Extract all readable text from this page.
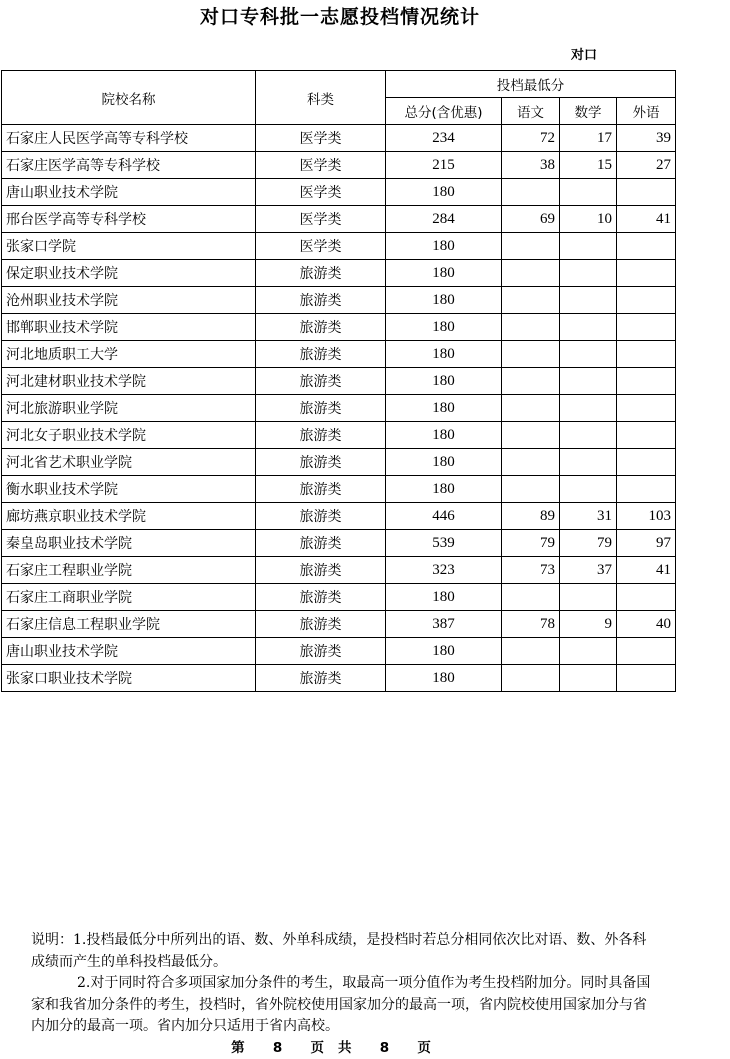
对口专科批一志愿投档情况统计
对口
院校名称	科类	投档最低分			
		总分(含优惠)	语文	数学	外语
石家庄人民医学高等专科学校	医学类	234	72	17	39
石家庄医学高等专科学校	医学类	215	38	15	27
唐山职业技术学院	医学类	180			
邢台医学高等专科学校	医学类	284	69	10	41
张家口学院	医学类	180			
保定职业技术学院	旅游类	180			
沧州职业技术学院	旅游类	180			
邯郸职业技术学院	旅游类	180			
河北地质职工大学	旅游类	180			
河北建材职业技术学院	旅游类	180			
河北旅游职业学院	旅游类	180			
河北女子职业技术学院	旅游类	180			
河北省艺术职业学院	旅游类	180			
衡水职业技术学院	旅游类	180			
廊坊燕京职业技术学院	旅游类	446	89	31	103
秦皇岛职业技术学院	旅游类	539	79	79	97
石家庄工程职业学院	旅游类	323	73	37	41
石家庄工商职业学院	旅游类	180			
石家庄信息工程职业学院	旅游类	387	78	9	40
唐山职业技术学院	旅游类	180			
张家口职业技术学院	旅游类	180			

说明：1.投档最低分中所列出的语、数、外单科成绩，是投档时若总分相同依次比对语、数、外各科成绩而产生的单科投档最低分。

2.对于同时符合多项国家加分条件的考生，取最高一项分值作为考生投档附加分。同时具备国家和我省加分条件的考生，投档时，省外院校使用国家加分的最高一项，省内院校使用国家加分与省内加分的最高一项。省内加分只适用于省内高校。

第 8 页 共 8 页
